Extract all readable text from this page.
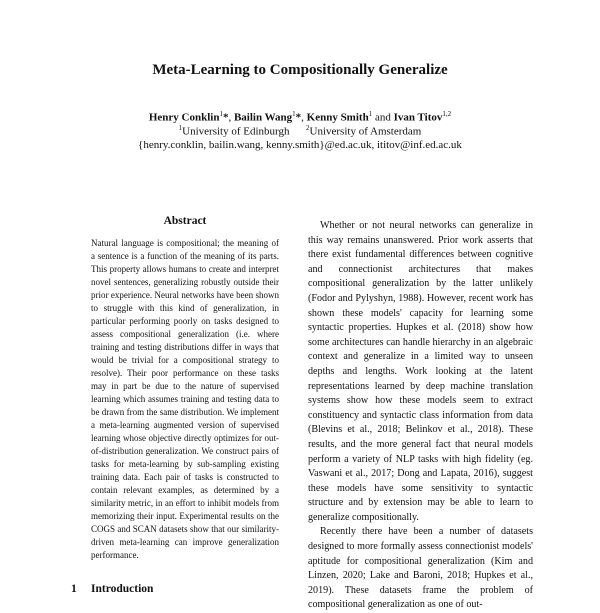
Meta-Learning to Compositionally Generalize
Henry Conklin$^1$*, Bailin Wang$^1$*, Kenny Smith$^1$ and Ivan Titov$^{1,2}$
$^1$University of Edinburgh $^2$University of Amsterdam
{henry.conklin, bailin.wang, kenny.smith}@ed.ac.uk, ititov@inf.ed.ac.uk
Abstract

Natural language is compositional; the meaning of a sentence is a function of the meaning of its parts. This property allows humans to create and interpret novel sentences, generalizing robustly outside their prior experience. Neural networks have been shown to struggle with this kind of generalization, in particular performing poorly on tasks designed to assess compositional generalization (i.e. where training and testing distributions differ in ways that would be trivial for a compositional strategy to resolve). Their poor performance on these tasks may in part be due to the nature of supervised learning which assumes training and testing data to be drawn from the same distribution. We implement a meta-learning augmented version of supervised learning whose objective directly optimizes for out-of-distribution generalization. We construct pairs of tasks for meta-learning by sub-sampling existing training data. Each pair of tasks is constructed to contain relevant examples, as determined by a similarity metric, in an effort to inhibit models from memorizing their input. Experimental results on the COGS and SCAN datasets show that our similarity-driven meta-learning can improve generalization performance.

1 Introduction

Whether or not neural networks can generalize in this way remains unanswered. Prior work asserts that there exist fundamental differences between cognitive and connectionist architectures that makes compositional generalization by the latter unlikely (Fodor and Pylyshyn, 1988). However, recent work has shown these models' capacity for learning some syntactic properties. Hupkes et al. (2018) show how some architectures can handle hierarchy in an algebraic context and generalize in a limited way to unseen depths and lengths. Work looking at the latent representations learned by deep machine translation systems show how these models seem to extract constituency and syntactic class information from data (Blevins et al., 2018; Belinkov et al., 2018). These results, and the more general fact that neural models perform a variety of NLP tasks with high fidelity (eg. Vaswani et al., 2017; Dong and Lapata, 2016), suggest these models have some sensitivity to syntactic structure and by extension may be able to learn to generalize compositionally.

Recently there have been a number of datasets designed to more formally assess connectionist models' aptitude for compositional generalization (Kim and Linzen, 2020; Lake and Baroni, 2018; Hupkes et al., 2019). These datasets frame the problem of compositional generalization as one of out-
